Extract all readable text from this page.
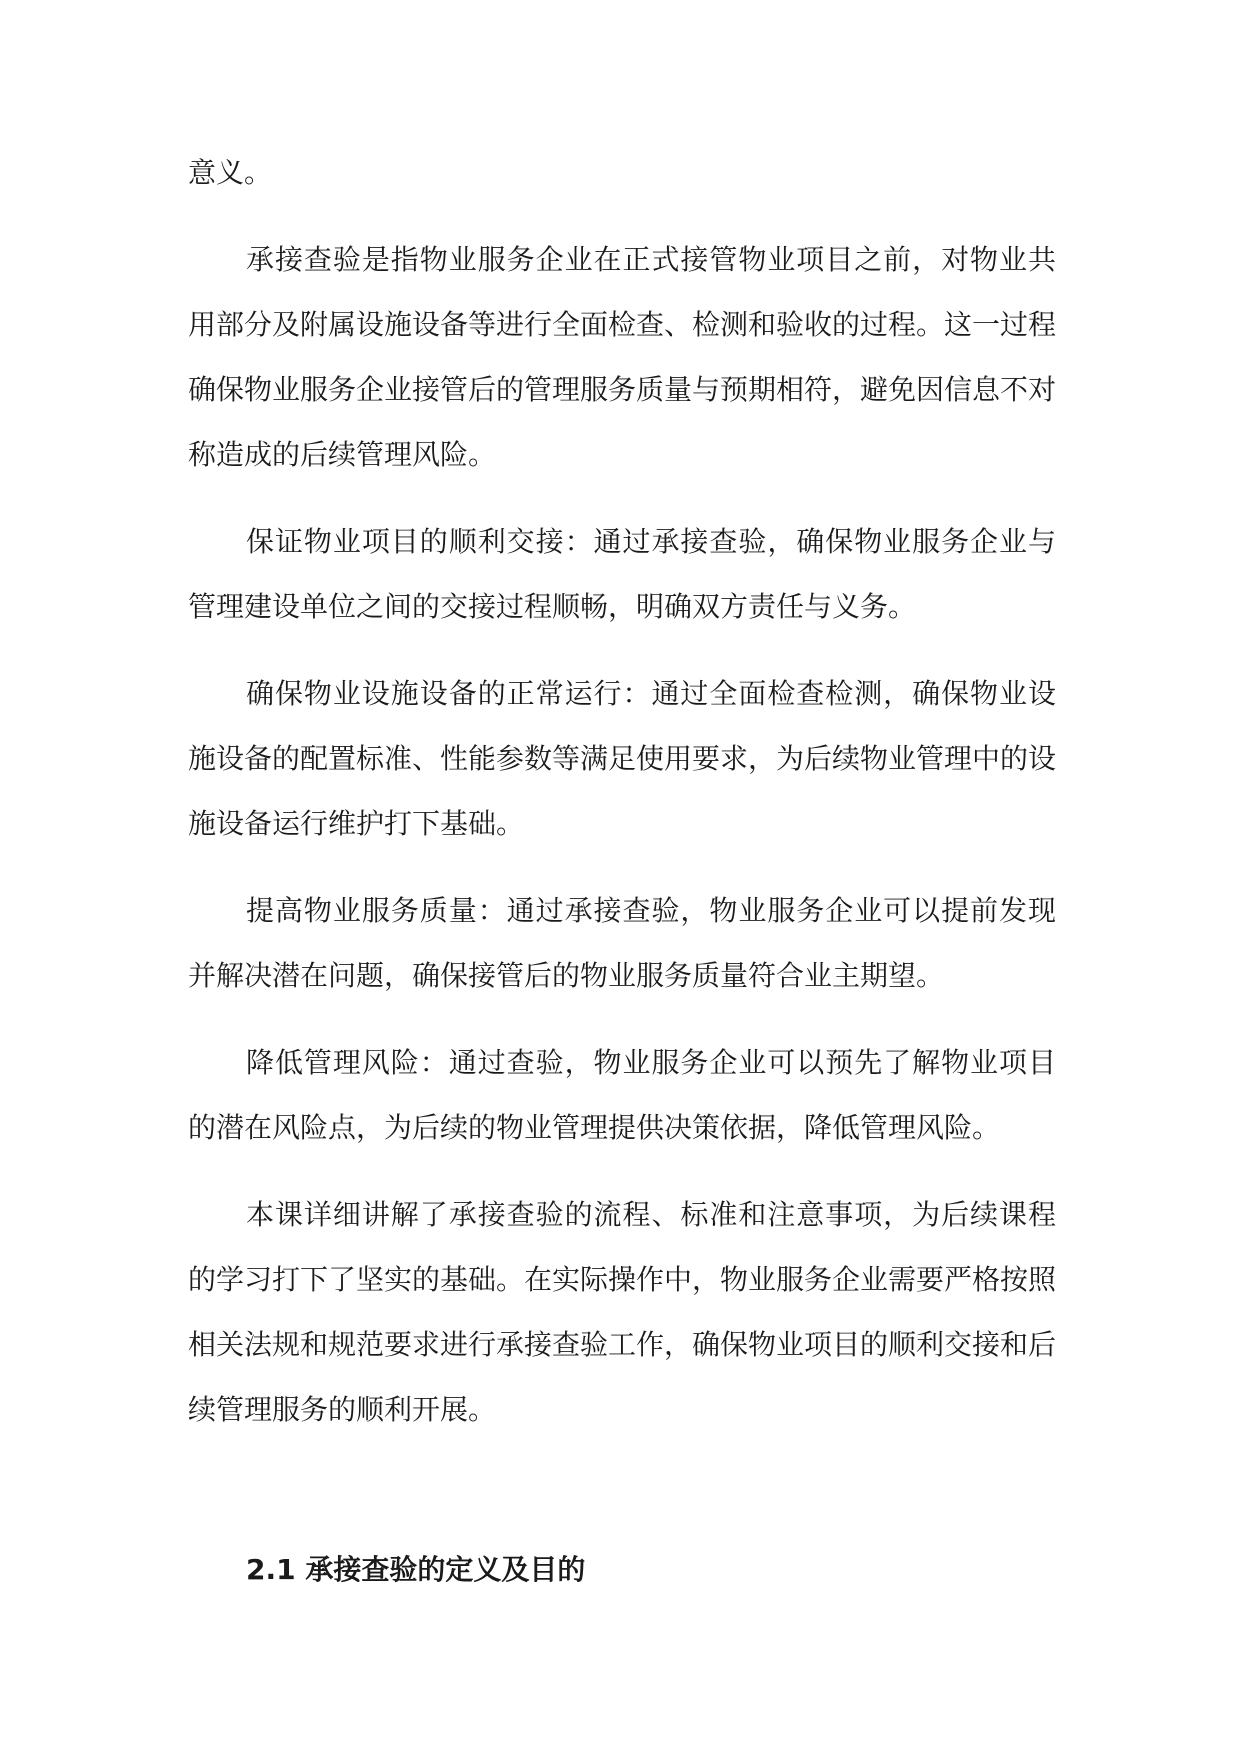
意义。

承接查验是指物业服务企业在正式接管物业项目之前，对物业共用部分及附属设施设备等进行全面检查、检测和验收的过程。这一过程确保物业服务企业接管后的管理服务质量与预期相符，避免因信息不对称造成的后续管理风险。

保证物业项目的顺利交接：通过承接查验，确保物业服务企业与管理建设单位之间的交接过程顺畅，明确双方责任与义务。

确保物业设施设备的正常运行：通过全面检查检测，确保物业设施设备的配置标准、性能参数等满足使用要求，为后续物业管理中的设施设备运行维护打下基础。

提高物业服务质量：通过承接查验，物业服务企业可以提前发现并解决潜在问题，确保接管后的物业服务质量符合业主期望。

降低管理风险：通过查验，物业服务企业可以预先了解物业项目的潜在风险点，为后续的物业管理提供决策依据，降低管理风险。

本课详细讲解了承接查验的流程、标准和注意事项，为后续课程的学习打下了坚实的基础。在实际操作中，物业服务企业需要严格按照相关法规和规范要求进行承接查验工作，确保物业项目的顺利交接和后续管理服务的顺利开展。

2.1 承接查验的定义及目的
